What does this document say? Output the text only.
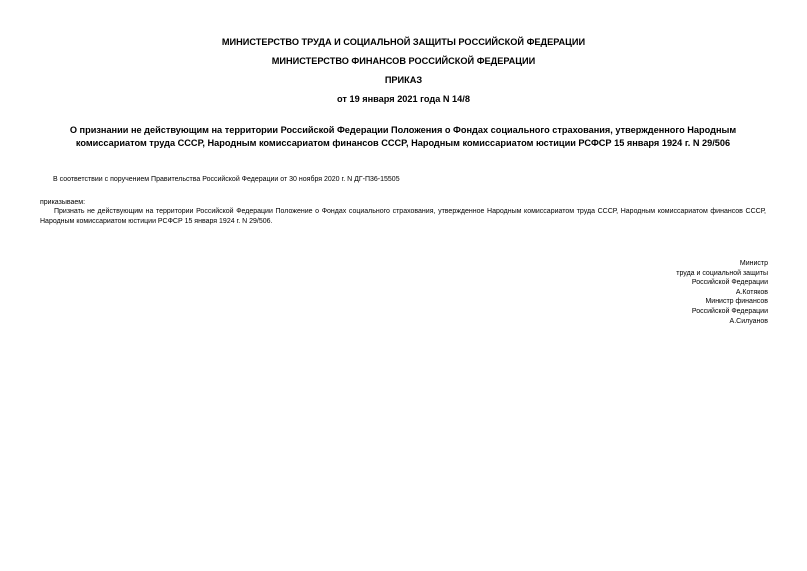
МИНИСТЕРСТВО ТРУДА И СОЦИАЛЬНОЙ ЗАЩИТЫ РОССИЙСКОЙ ФЕДЕРАЦИИ
МИНИСТЕРСТВО ФИНАНСОВ РОССИЙСКОЙ ФЕДЕРАЦИИ
ПРИКАЗ
от 19 января 2021 года N 14/8
О признании не действующим на территории Российской Федерации Положения о Фондах социального страхования, утвержденного Народным комиссариатом труда СССР, Народным комиссариатом финансов СССР, Народным комиссариатом юстиции РСФСР 15 января 1924 г. N 29/506
В соответствии с поручением Правительства Российской Федерации от 30 ноября 2020 г. N ДГ-П36-15505
приказываем:
Признать не действующим на территории Российской Федерации Положение о Фондах социального страхования, утвержденное Народным комиссариатом труда СССР, Народным комиссариатом финансов СССР, Народным комиссариатом юстиции РСФСР 15 января 1924 г. N 29/506.
Министр
труда и социальной защиты
Российской Федерации
А.Котяков
Министр финансов
Российской Федерации
А.Силуанов
